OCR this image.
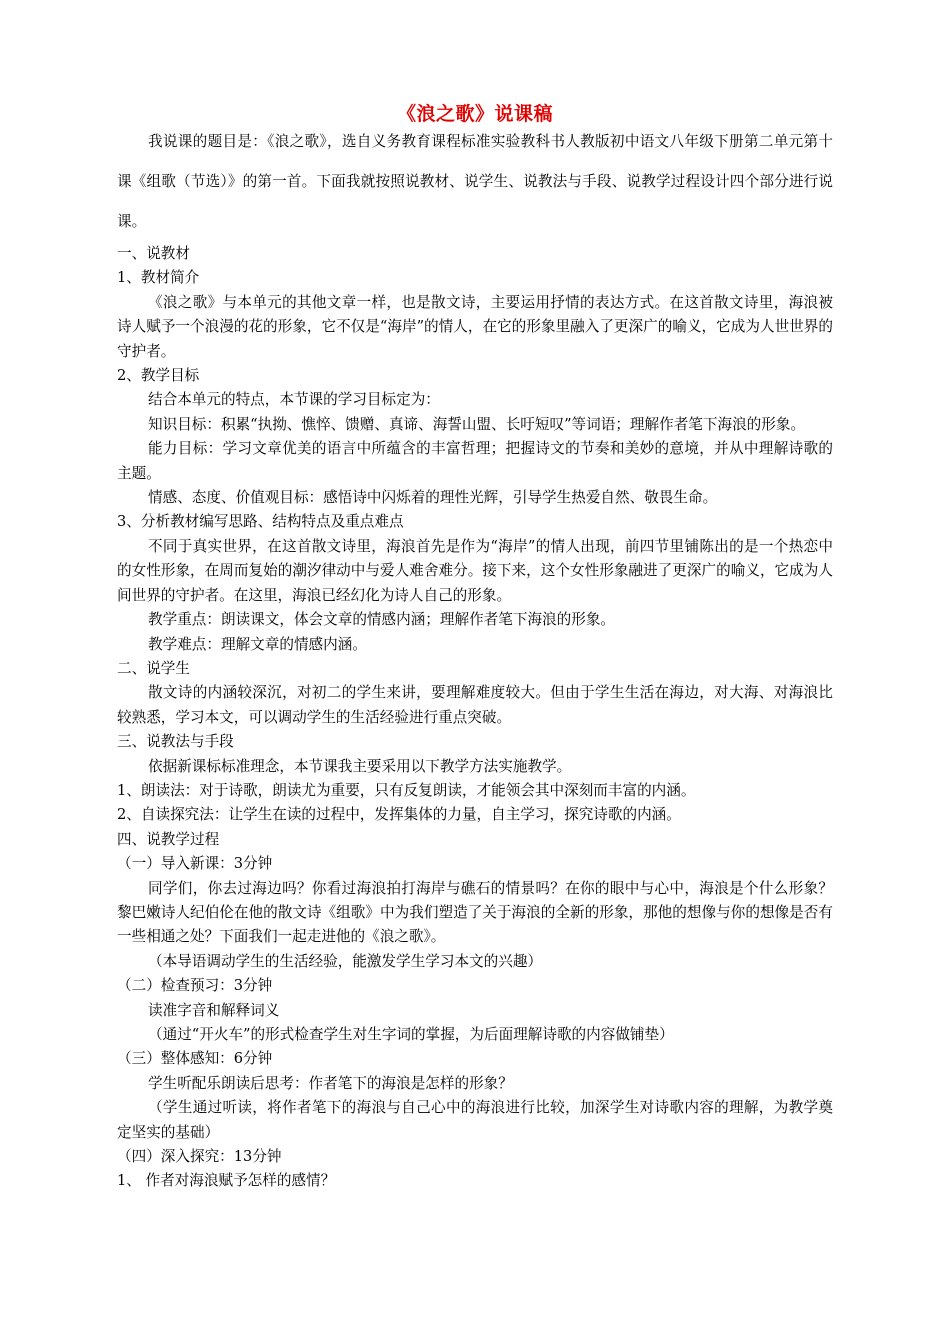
《浪之歌》说课稿
我说课的题目是：《浪之歌》，选自义务教育课程标准实验教科书人教版初中语文八年级下册第二单元第十课《组歌（节选）》的第一首。下面我就按照说教材、说学生、说教法与手段、说教学过程设计四个部分进行说课。

一、说教材

1、教材简介

《浪之歌》与本单元的其他文章一样，也是散文诗，主要运用抒情的表达方式。在这首散文诗里，海浪被诗人赋予一个浪漫的花的形象，它不仅是“海岸”的情人，在它的形象里融入了更深广的喻义，它成为人世世界的守护者。

2、教学目标

结合本单元的特点，本节课的学习目标定为：

知识目标：积累“执拗、憔悴、馈赠、真谛、海誓山盟、长吁短叹”等词语；理解作者笔下海浪的形象。

能力目标：学习文章优美的语言中所蕴含的丰富哲理；把握诗文的节奏和美妙的意境，并从中理解诗歌的主题。

情感、态度、价值观目标：感悟诗中闪烁着的理性光辉，引导学生热爱自然、敬畏生命。

3、分析教材编写思路、结构特点及重点难点

不同于真实世界，在这首散文诗里，海浪首先是作为“海岸”的情人出现，前四节里铺陈出的是一个热恋中的女性形象，在周而复始的潮汐律动中与爱人难舍难分。接下来，这个女性形象融进了更深广的喻义，它成为人间世界的守护者。在这里，海浪已经幻化为诗人自己的形象。

教学重点：朗读课文，体会文章的情感内涵；理解作者笔下海浪的形象。

教学难点：理解文章的情感内涵。

二、说学生

散文诗的内涵较深沉，对初二的学生来讲，要理解难度较大。但由于学生生活在海边，对大海、对海浪比较熟悉，学习本文，可以调动学生的生活经验进行重点突破。

三、说教法与手段

依据新课标标准理念，本节课我主要采用以下教学方法实施教学。

1、朗读法：对于诗歌，朗读尤为重要，只有反复朗读，才能领会其中深刻而丰富的内涵。

2、自读探究法：让学生在读的过程中，发挥集体的力量，自主学习，探究诗歌的内涵。

四、说教学过程

（一）导入新课：3分钟

同学们，你去过海边吗？你看过海浪拍打海岸与礁石的情景吗？在你的眼中与心中，海浪是个什么形象？黎巴嫩诗人纪伯伦在他的散文诗《组歌》中为我们塑造了关于海浪的全新的形象，那他的想像与你的想像是否有一些相通之处？下面我们一起走进他的《浪之歌》。

（本导语调动学生的生活经验，能激发学生学习本文的兴趣）

（二）检查预习：3分钟

读准字音和解释词义

（通过“开火车”的形式检查学生对生字词的掌握，为后面理解诗歌的内容做铺垫）

（三）整体感知：6分钟

学生听配乐朗读后思考：作者笔下的海浪是怎样的形象？

（学生通过听读，将作者笔下的海浪与自己心中的海浪进行比较，加深学生对诗歌内容的理解，为教学奠定坚实的基础）

（四）深入探究：13分钟

1、 作者对海浪赋予怎样的感情？
